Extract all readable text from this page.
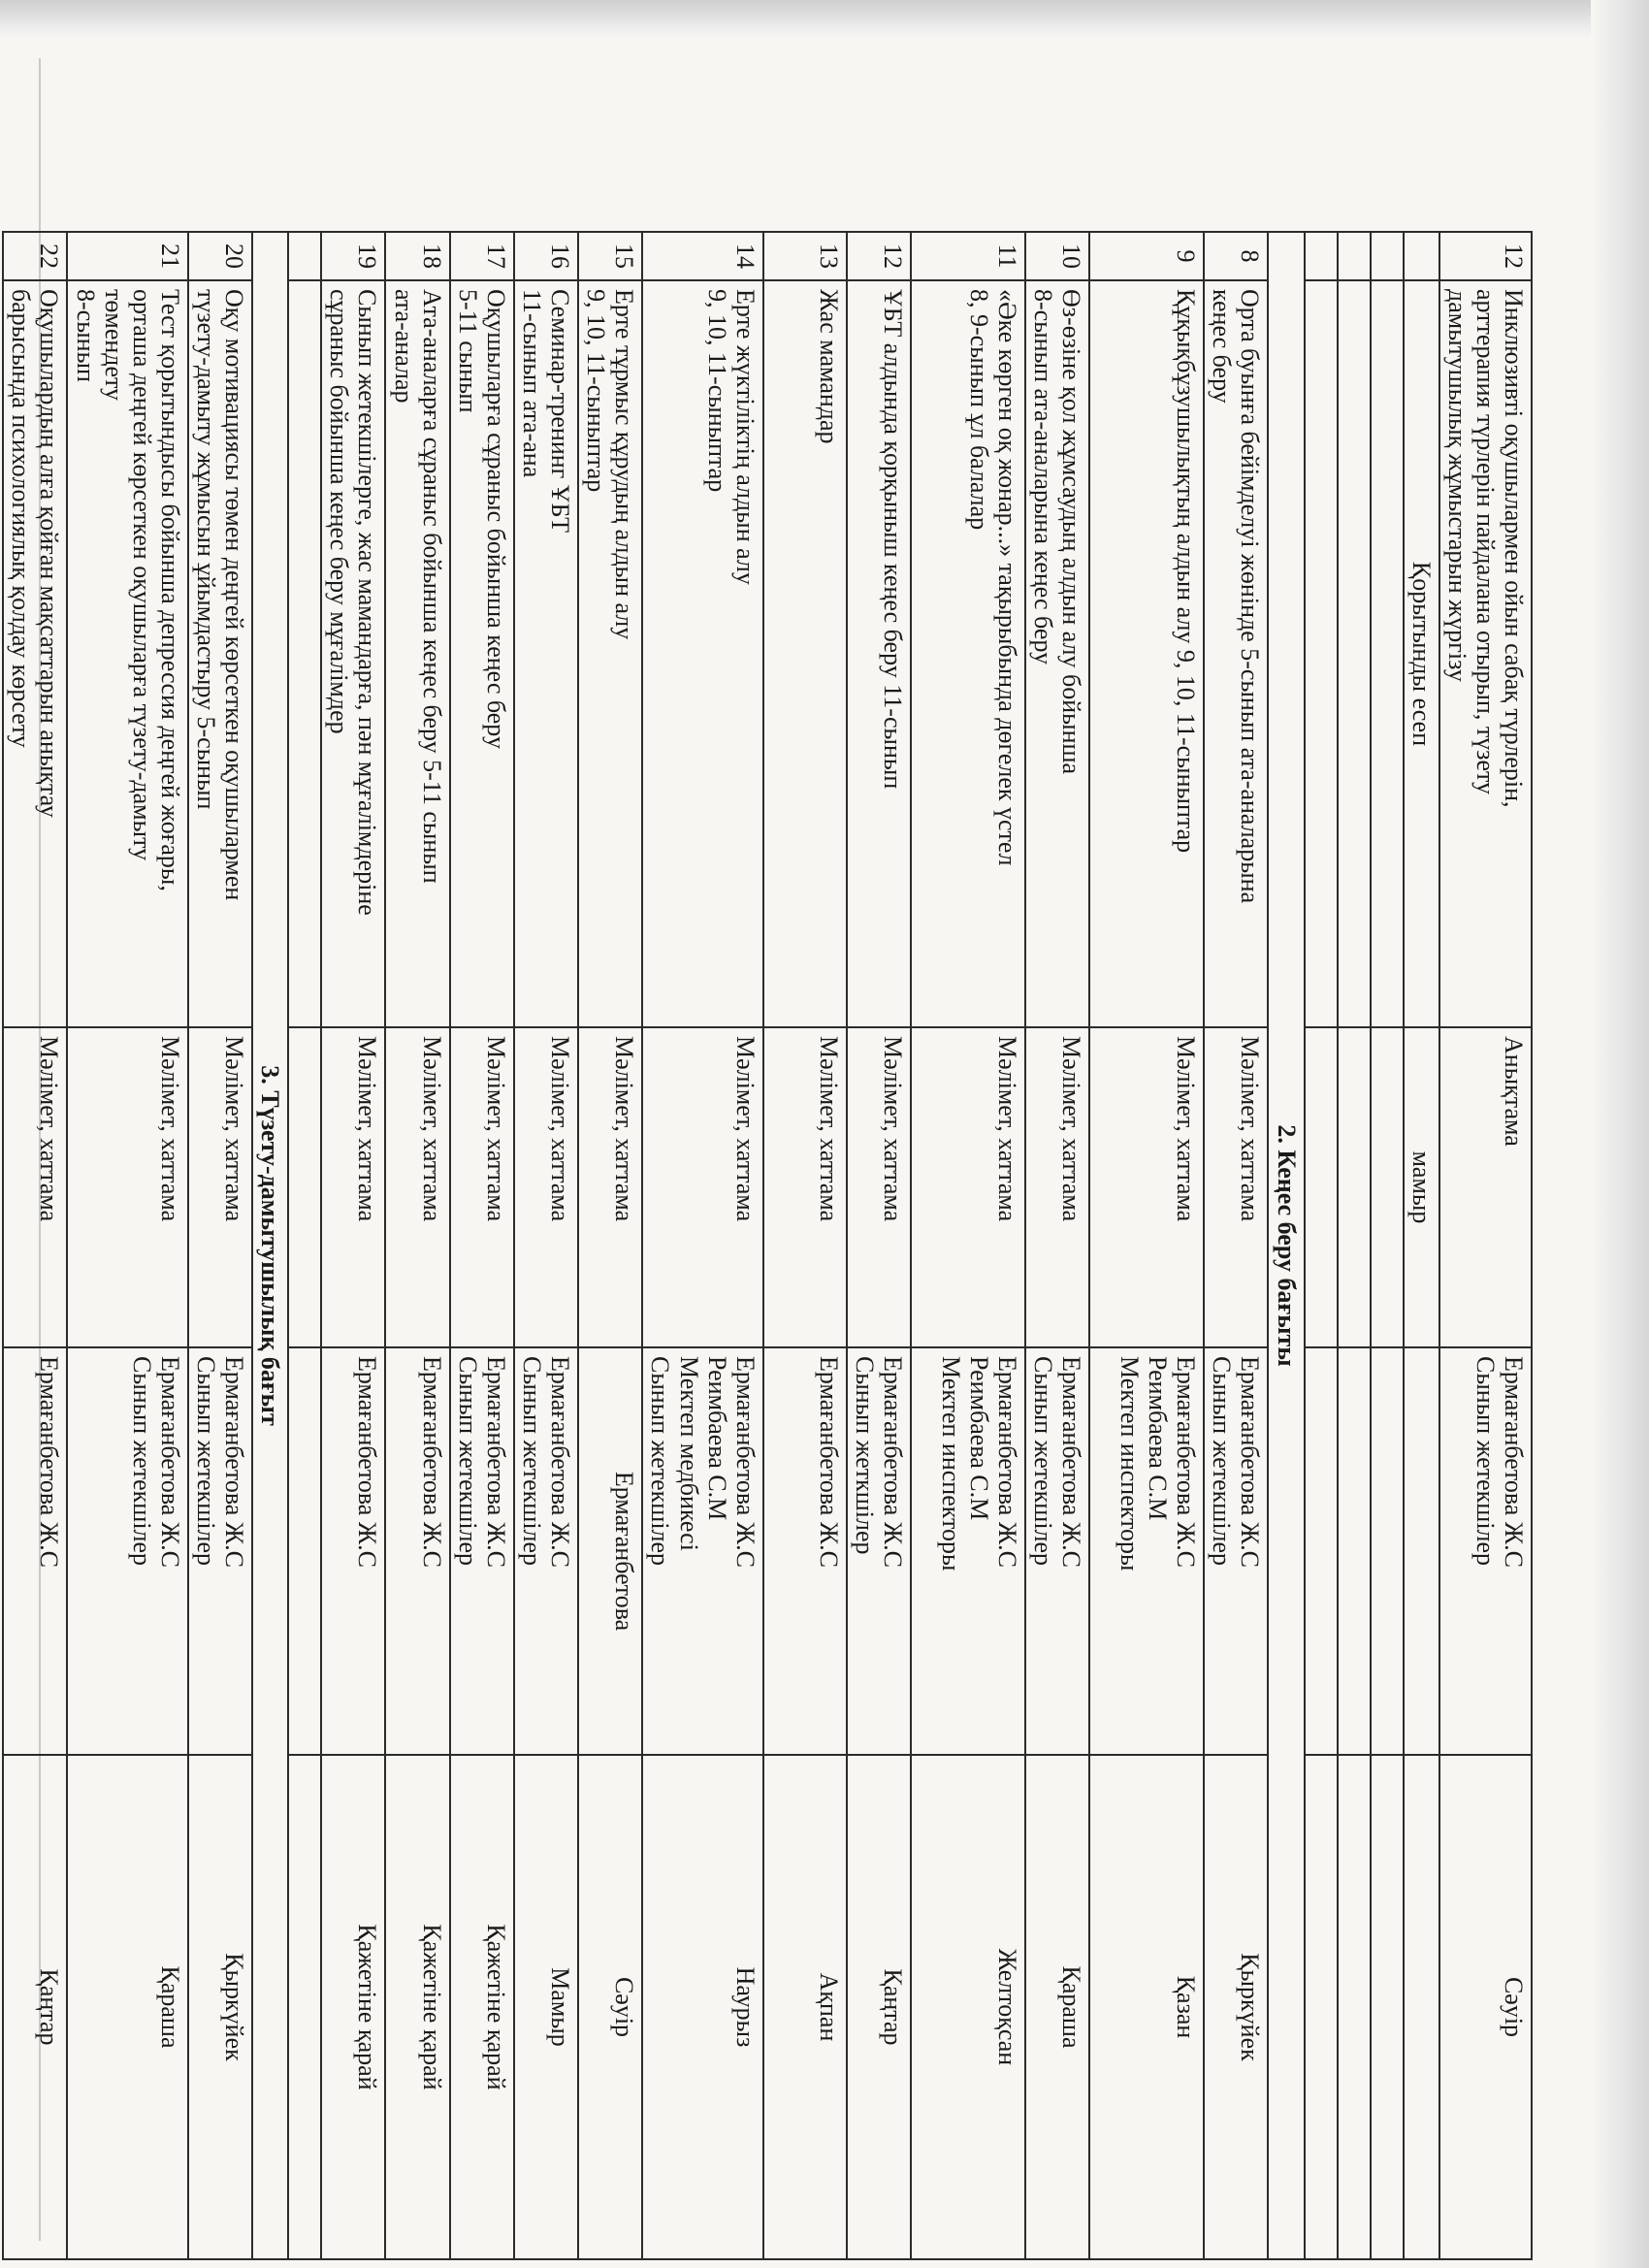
12	Инклюзивті оқушылармен ойын сабақ түрлерін,
арттерапия түрлерін пайдалана отырып, түзету
дамытушылық жұмыстарын жүргізу	Анықтама	Ермағанбетова Ж.С
Сынып жетекшілер	Сәуір
	Қорытынды есеп	мамыр		

2. Кеңес беру бағыты				
8	Орта буынға бейімделуі жөнінде 5-сынып ата-аналарына
кеңес беру	Мәлімет, хаттама	Ермағанбетова Ж.С
Сынып жетекшілер	Қыркүйек
9	Құқықбұзушылықтың алдын алу 9, 10, 11-сыныптар	Мәлімет, хаттама	Ермағанбетова Ж.С
Реимбаева С.М
Мектеп инспекторы	Қазан
10	Өз-өзіне қол жұмсаудың алдын алу бойынша
8-сынып ата-аналарына кеңес беру	Мәлімет, хаттама	Ермағанбетова Ж.С
Сынып жетекшілер	Қараша
11	«Әке көрген оқ жонар...» тақырыбында дөгелек үстел
8, 9-сынып ұл балалар	Мәлімет, хаттама	Ермағанбетова Ж.С
Реимбаева С.М
Мектеп инспекторы	Желтоқсан
12	ҰБТ алдында қорқыныш кеңес беру 11-сынып	Мәлімет, хаттама	Ермағанбетова Ж.С
Сынып жеткшілер	Қаңтар
13	Жас мамандар	Мәлімет, хаттама	Ермағанбетова Ж.С	Ақпан
14	Ерте жүктіліктің алдын алу
9, 10, 11-сыныптар	Мәлімет, хаттама	Ермағанбетова Ж.С
Реимбаева С.М
Мектеп медбикесі
Сынып жетекшілер	Наурыз
15	Ерте тұрмыс құрудың алдын алу
9, 10, 11-сыныптар	Мәлімет, хаттама	Ермағанбетова	Сәуір
16	Семинар-тренинг ҰБТ
11-сынып ата-ана	Мәлімет, хаттама	Ермағанбетова Ж.С
Сынып жетекшілер	Мамыр
17	Оқушыларға сұраныс бойынша кеңес беру
5-11 сынып	Мәлімет, хаттама	Ермағанбетова Ж.С
Сынып жетекшілер	Қажетіне қарай
18	Ата-аналарға сұраныс бойынша кеңес беру 5-11 сынып
ата-аналар	Мәлімет, хаттама	Ермағанбетова Ж.С	Қажетіне қарай
19	Сынып жетекшілерге, жас мамандарға, пән мұғалімдеріне
сұраныс бойынша кеңес беру мұғалімдер	Мәлімет, хаттама	Ермағанбетова Ж.С	Қажетіне қарай

3. Түзету-дамытушылық бағыт				
20	Оқу мотивациясы төмен деңгей көрсеткен оқушылармен
түзету-дамыту жұмысын ұйымдастыру 5-сынып	Мәлімет, хаттама	Ермағанбетова Ж.С
Сынып жетекшілер	Қыркүйек
21	Тест қорытындысы бойынша депрессия деңгей жоғары,
орташа деңгей көрсеткен оқушыларға түзету-дамыту
төмендету
8-сынып	Мәлімет, хаттама	Ермағанбетова Ж.С
Сынып жетекшілер	Қараша
22	Оқушылардың алға қойған мақсаттарын анықтау
барысында психологиялық қолдау көрсету	Мәлімет, хаттама	Ермағанбетова Ж.С	Қаңтар
